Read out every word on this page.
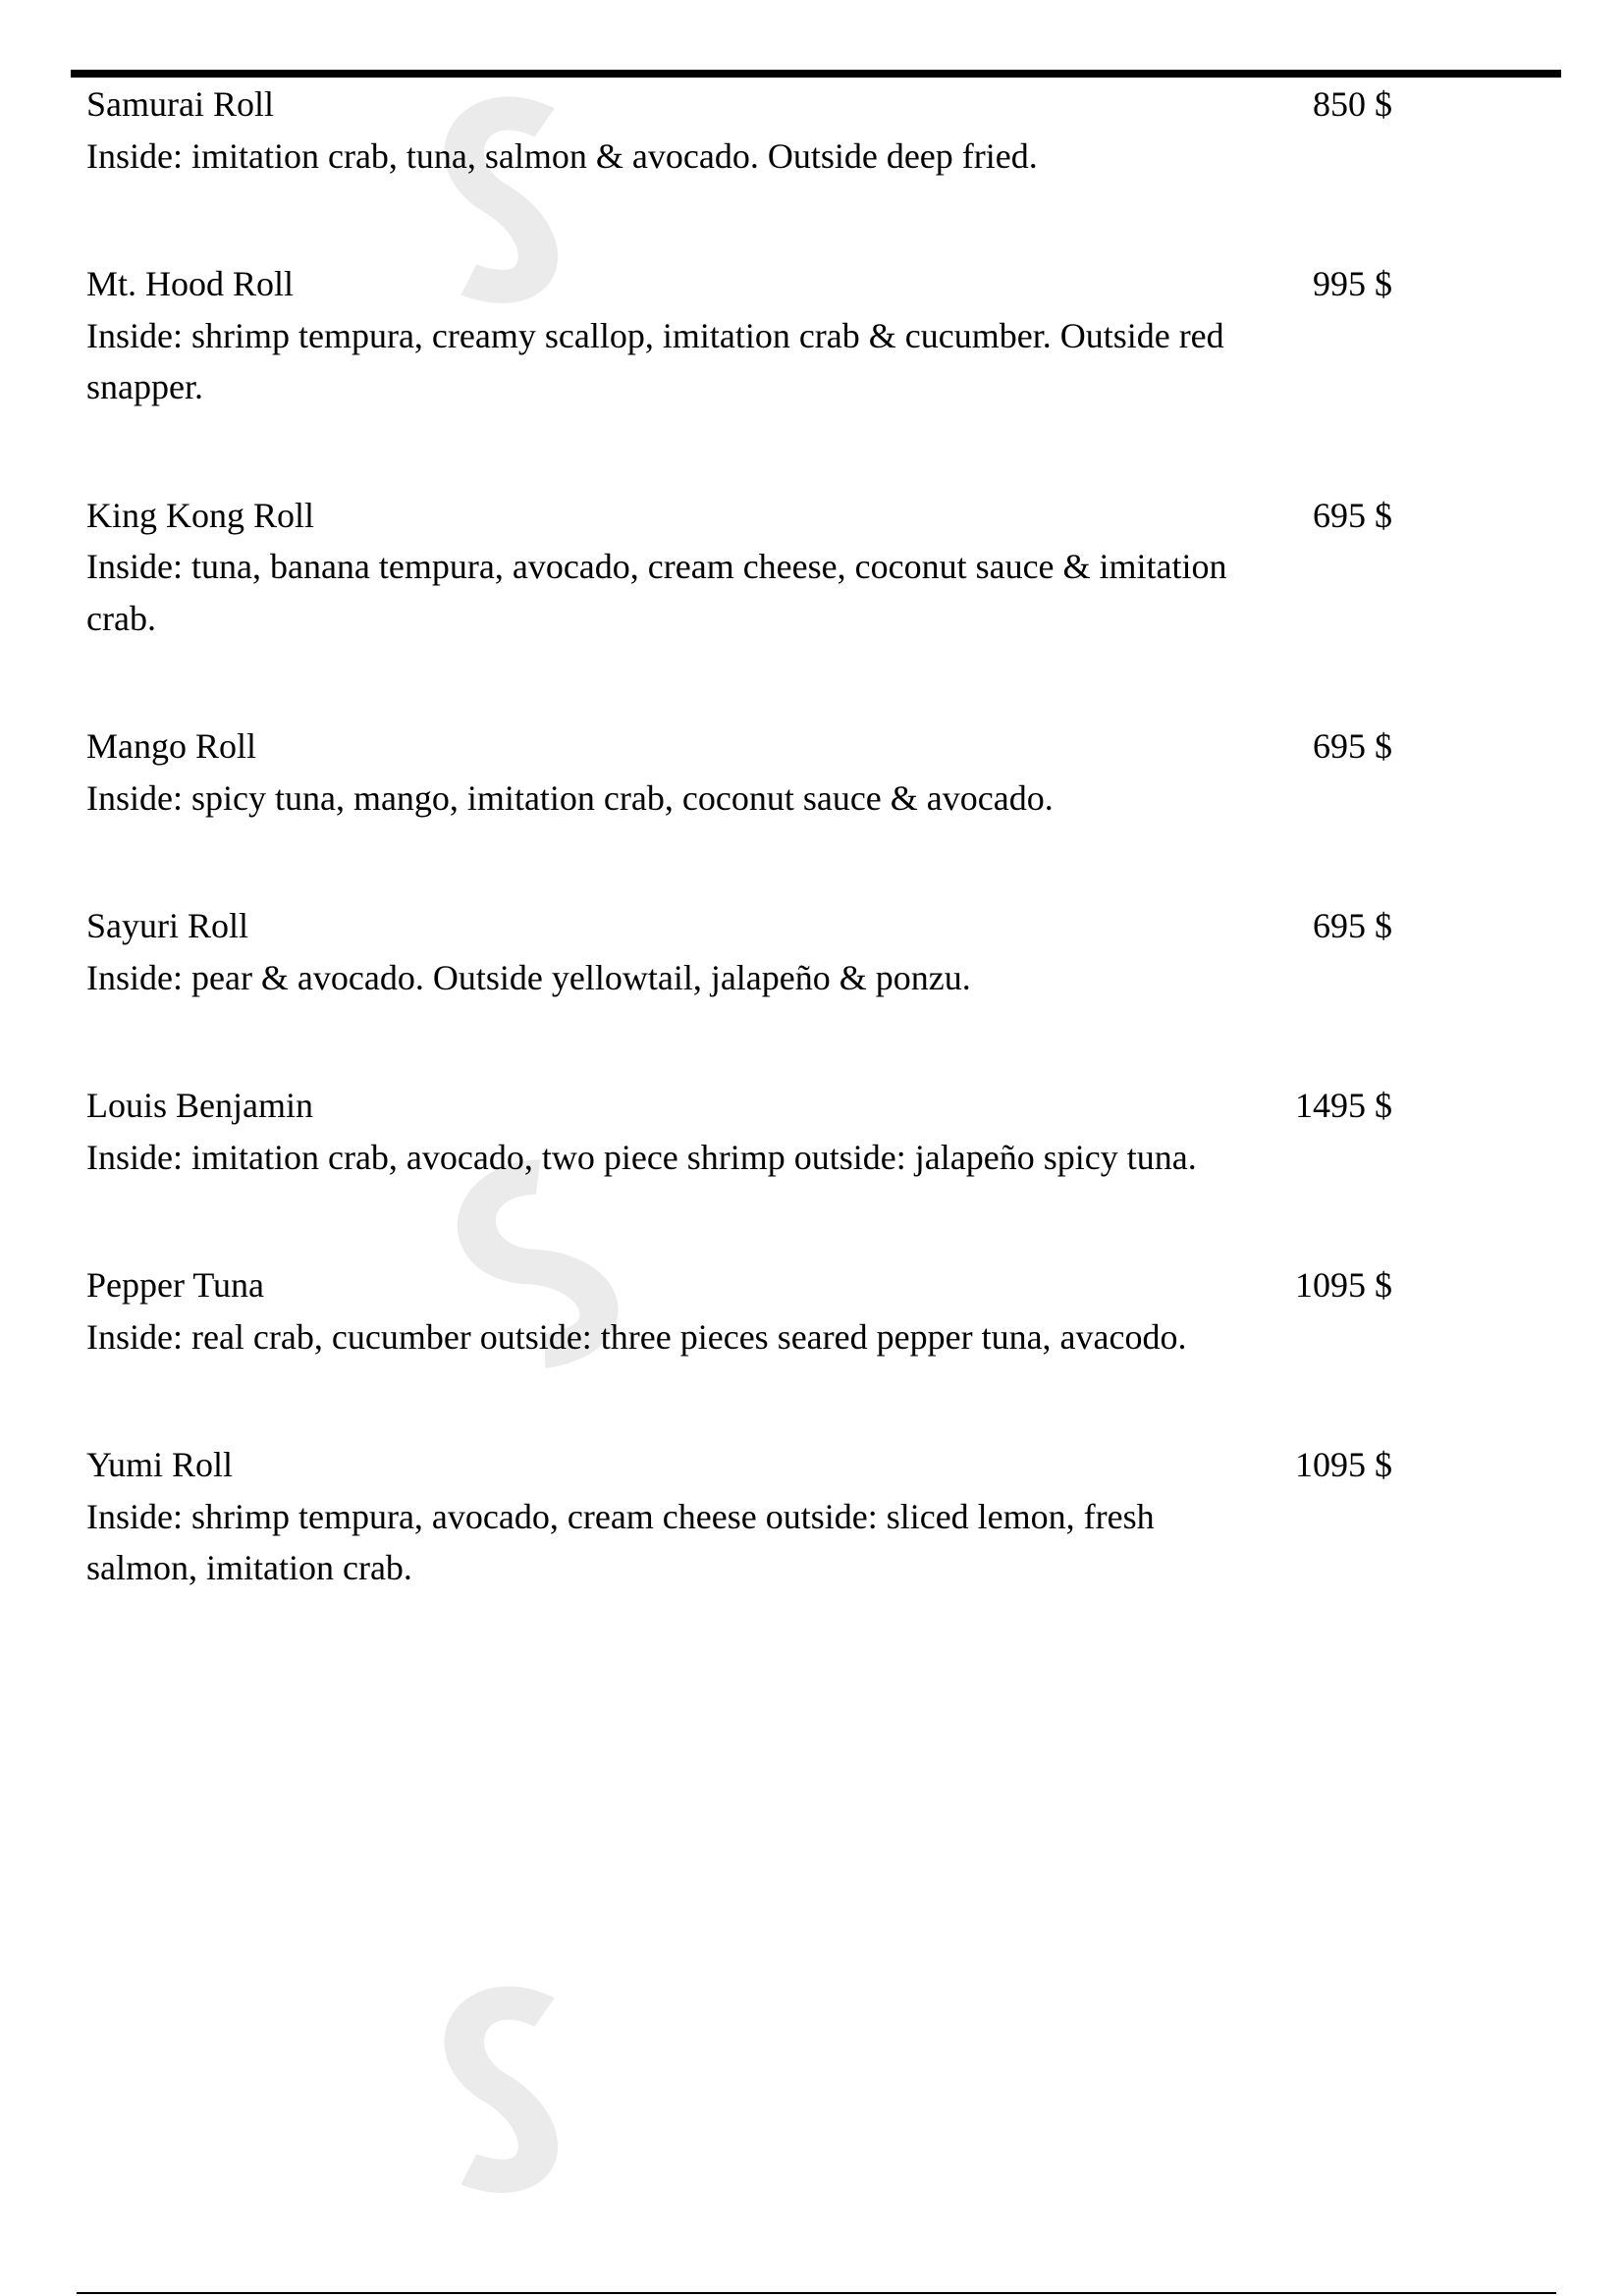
Samurai Roll	850 $
Inside: imitation crab, tuna, salmon & avocado. Outside deep fried.
Mt. Hood Roll	995 $
Inside: shrimp tempura, creamy scallop, imitation crab & cucumber. Outside red snapper.
King Kong Roll	695 $
Inside: tuna, banana tempura, avocado, cream cheese, coconut sauce & imitation crab.
Mango Roll	695 $
Inside: spicy tuna, mango, imitation crab, coconut sauce & avocado.
Sayuri Roll	695 $
Inside: pear & avocado. Outside yellowtail, jalapeño & ponzu.
Louis Benjamin	1495 $
Inside: imitation crab, avocado, two piece shrimp outside: jalapeño spicy tuna.
Pepper Tuna	1095 $
Inside: real crab, cucumber outside: three pieces seared pepper tuna, avacodo.
Yumi Roll	1095 $
Inside: shrimp tempura, avocado, cream cheese outside: sliced lemon, fresh salmon, imitation crab.
